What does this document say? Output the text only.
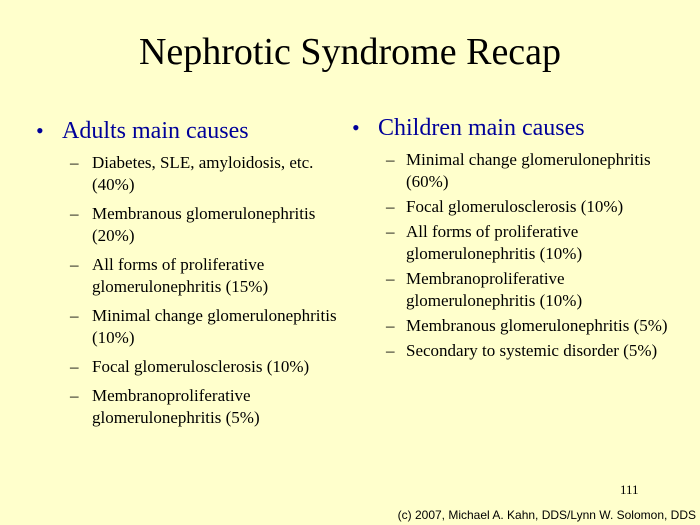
Nephrotic Syndrome Recap
• Adults main causes
– Diabetes, SLE, amyloidosis, etc. (40%)
– Membranous glomerulonephritis (20%)
– All forms of proliferative glomerulonephritis (15%)
– Minimal change glomerulonephritis (10%)
– Focal glomerulosclerosis (10%)
– Membranoproliferative glomerulonephritis (5%)
• Children main causes
– Minimal change glomerulonephritis (60%)
– Focal glomerulosclerosis (10%)
– All forms of proliferative glomerulonephritis (10%)
– Membranoproliferative glomerulonephritis (10%)
– Membranous glomerulonephritis (5%)
– Secondary to systemic disorder (5%)
111
(c) 2007, Michael A. Kahn, DDS/Lynn W. Solomon, DDS
